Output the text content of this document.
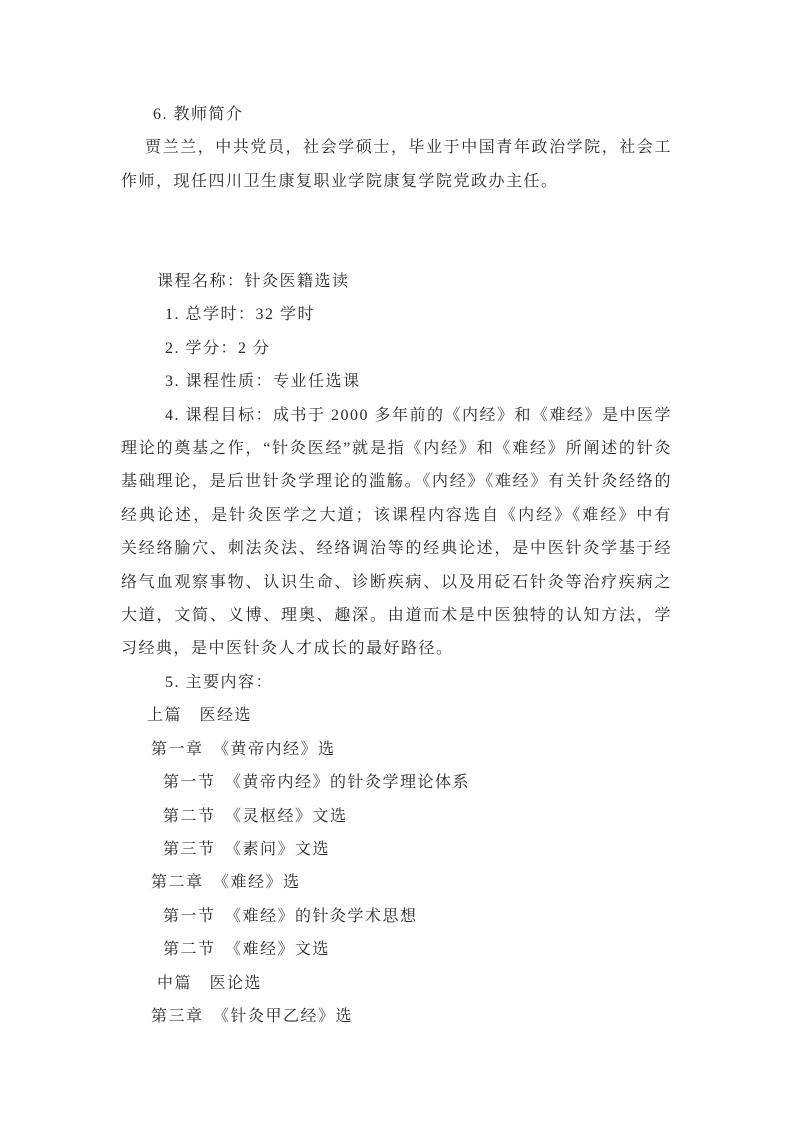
6. 教师简介

贾兰兰，中共党员，社会学硕士，毕业于中国青年政治学院，社会工作师，现任四川卫生康复职业学院康复学院党政办主任。

课程名称：针灸医籍选读

1. 总学时：32 学时

2. 学分：2 分

3. 课程性质：专业任选课

4. 课程目标：成书于 2000 多年前的《内经》和《难经》是中医学理论的奠基之作，“针灸医经”就是指《内经》和《难经》所阐述的针灸基础理论，是后世针灸学理论的滥觞。《内经》《难经》有关针灸经络的经典论述，是针灸医学之大道；该课程内容选自《内经》《难经》中有关经络腧穴、刺法灸法、经络调治等的经典论述，是中医针灸学基于经络气血观察事物、认识生命、诊断疾病、以及用砭石针灸等治疗疾病之大道，文简、义博、理奥、趣深。由道而术是中医独特的认知方法，学习经典，是中医针灸人才成长的最好路径。

5. 主要内容：

上篇　医经选

第一章　《黄帝内经》选

第一节　《黄帝内经》的针灸学理论体系

第二节　《灵枢经》文选

第三节　《素问》文选

第二章　《难经》选

第一节　《难经》的针灸学术思想

第二节　《难经》文选

中篇　医论选

第三章　《针灸甲乙经》选
